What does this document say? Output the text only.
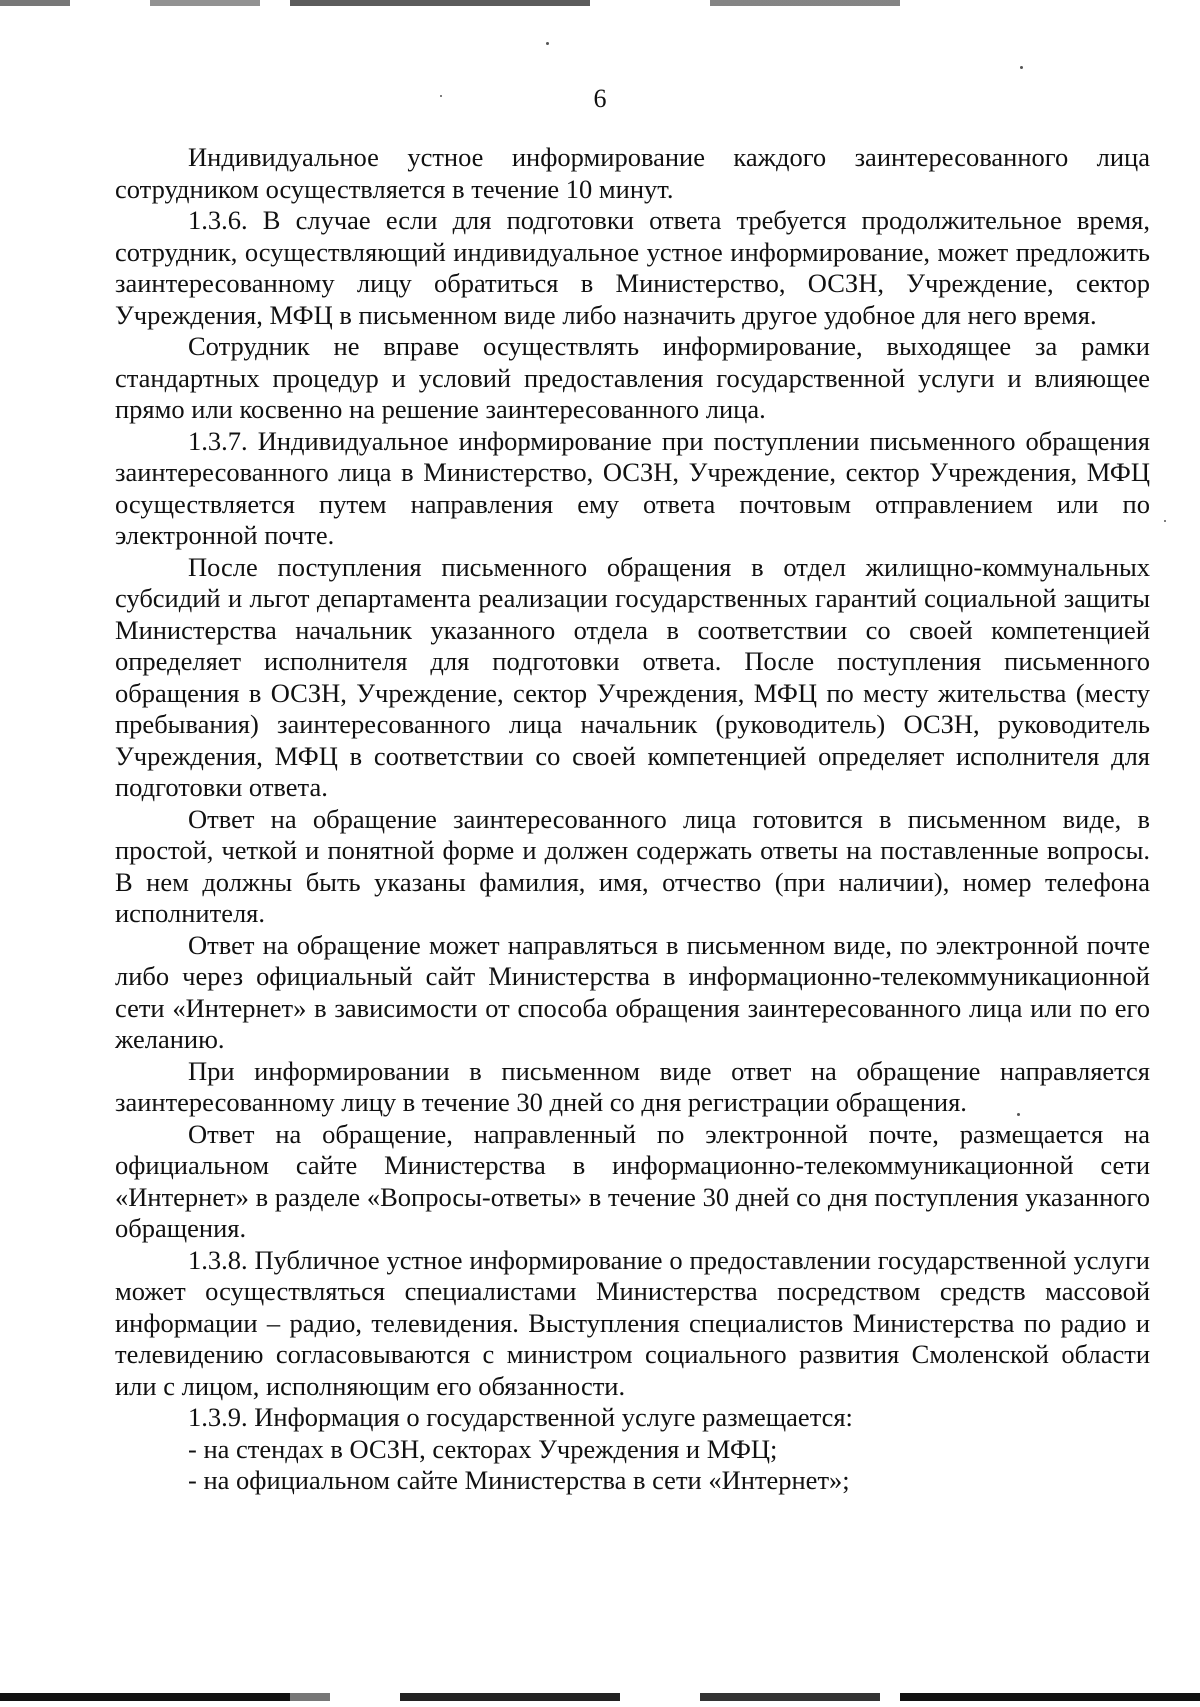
6

Индивидуальное устное информирование каждого заинтересованного лица сотрудником осуществляется в течение 10 минут.

1.3.6. В случае если для подготовки ответа требуется продолжительное время, сотрудник, осуществляющий индивидуальное устное информирование, может предложить заинтересованному лицу обратиться в Министерство, ОСЗН, Учреждение, сектор Учреждения, МФЦ в письменном виде либо назначить другое удобное для него время.

Сотрудник не вправе осуществлять информирование, выходящее за рамки стандартных процедур и условий предоставления государственной услуги и влияющее прямо или косвенно на решение заинтересованного лица.

1.3.7. Индивидуальное информирование при поступлении письменного обращения заинтересованного лица в Министерство, ОСЗН, Учреждение, сектор Учреждения, МФЦ осуществляется путем направления ему ответа почтовым отправлением или по электронной почте.

После поступления письменного обращения в отдел жилищно-коммунальных субсидий и льгот департамента реализации государственных гарантий социальной защиты Министерства начальник указанного отдела в соответствии со своей компетенцией определяет исполнителя для подготовки ответа. После поступления письменного обращения в ОСЗН, Учреждение, сектор Учреждения, МФЦ по месту жительства (месту пребывания) заинтересованного лица начальник (руководитель) ОСЗН, руководитель Учреждения, МФЦ в соответствии со своей компетенцией определяет исполнителя для подготовки ответа.

Ответ на обращение заинтересованного лица готовится в письменном виде, в простой, четкой и понятной форме и должен содержать ответы на поставленные вопросы. В нем должны быть указаны фамилия, имя, отчество (при наличии), номер телефона исполнителя.

Ответ на обращение может направляться в письменном виде, по электронной почте либо через официальный сайт Министерства в информационно-телекоммуникационной сети «Интернет» в зависимости от способа обращения заинтересованного лица или по его желанию.

При информировании в письменном виде ответ на обращение направляется заинтересованному лицу в течение 30 дней со дня регистрации обращения.

Ответ на обращение, направленный по электронной почте, размещается на официальном сайте Министерства в информационно-телекоммуникационной сети «Интернет» в разделе «Вопросы-ответы» в течение 30 дней со дня поступления указанного обращения.

1.3.8. Публичное устное информирование о предоставлении государственной услуги может осуществляться специалистами Министерства посредством средств массовой информации – радио, телевидения. Выступления специалистов Министерства по радио и телевидению согласовываются с министром социального развития Смоленской области или с лицом, исполняющим его обязанности.

1.3.9. Информация о государственной услуге размещается:

- на стендах в ОСЗН, секторах Учреждения и МФЦ;

- на официальном сайте Министерства в сети «Интернет»;
